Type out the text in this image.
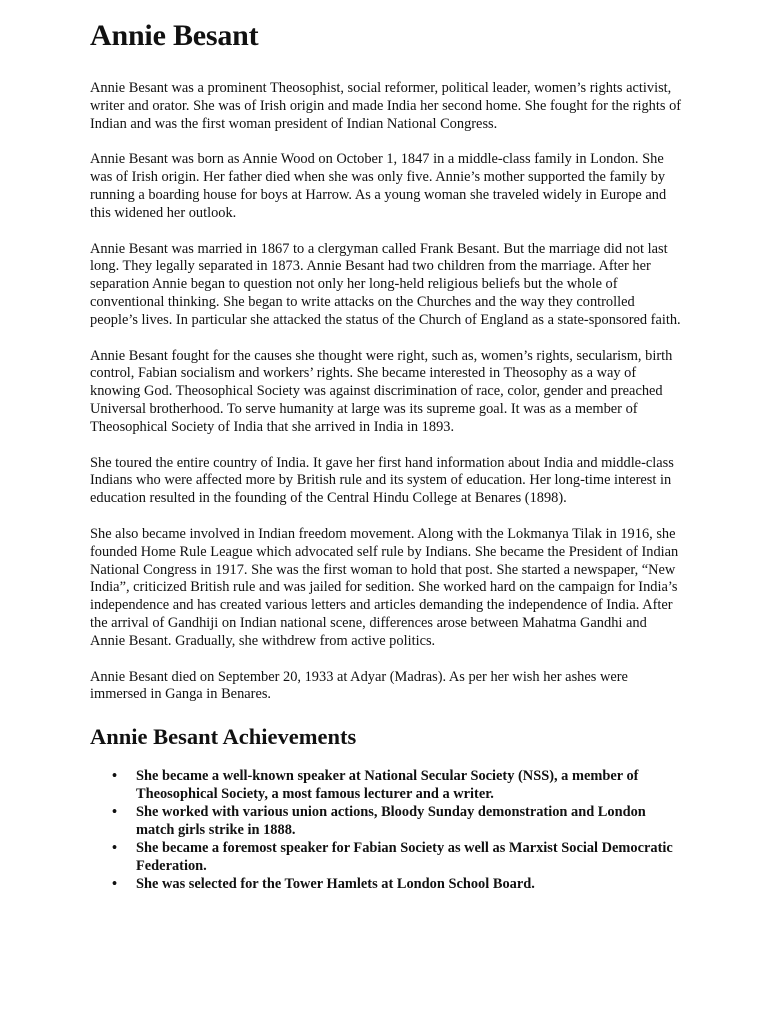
Annie Besant

Annie Besant was a prominent Theosophist, social reformer, political leader, women’s rights activist, writer and orator. She was of Irish origin and made India her second home. She fought for the rights of Indian and was the first woman president of Indian National Congress.

Annie Besant was born as Annie Wood on October 1, 1847 in a middle-class family in London. She was of Irish origin. Her father died when she was only five. Annie’s mother supported the family by running a boarding house for boys at Harrow. As a young woman she traveled widely in Europe and this widened her outlook.

Annie Besant was married in 1867 to a clergyman called Frank Besant. But the marriage did not last long. They legally separated in 1873. Annie Besant had two children from the marriage. After her separation Annie began to question not only her long-held religious beliefs but the whole of conventional thinking. She began to write attacks on the Churches and the way they controlled people’s lives. In particular she attacked the status of the Church of England as a state-sponsored faith.

Annie Besant fought for the causes she thought were right, such as, women’s rights, secularism, birth control, Fabian socialism and workers’ rights. She became interested in Theosophy as a way of knowing God. Theosophical Society was against discrimination of race, color, gender and preached Universal brotherhood. To serve humanity at large was its supreme goal. It was as a member of Theosophical Society of India that she arrived in India in 1893.

She toured the entire country of India. It gave her first hand information about India and middle-class Indians who were affected more by British rule and its system of education. Her long-time interest in education resulted in the founding of the Central Hindu College at Benares (1898).

She also became involved in Indian freedom movement. Along with the Lokmanya Tilak in 1916, she founded Home Rule League which advocated self rule by Indians. She became the President of Indian National Congress in 1917. She was the first woman to hold that post. She started a newspaper, “New India”, criticized British rule and was jailed for sedition. She worked hard on the campaign for India’s independence and has created various letters and articles demanding the independence of India. After the arrival of Gandhiji on Indian national scene, differences arose between Mahatma Gandhi and Annie Besant. Gradually, she withdrew from active politics.

Annie Besant died on September 20, 1933 at Adyar (Madras). As per her wish her ashes were immersed in Ganga in Benares.

Annie Besant Achievements
• She became a well-known speaker at National Secular Society (NSS), a member of Theosophical Society, a most famous lecturer and a writer.
• She worked with various union actions, Bloody Sunday demonstration and London match girls strike in 1888.
• She became a foremost speaker for Fabian Society as well as Marxist Social Democratic Federation.
• She was selected for the Tower Hamlets at London School Board.
